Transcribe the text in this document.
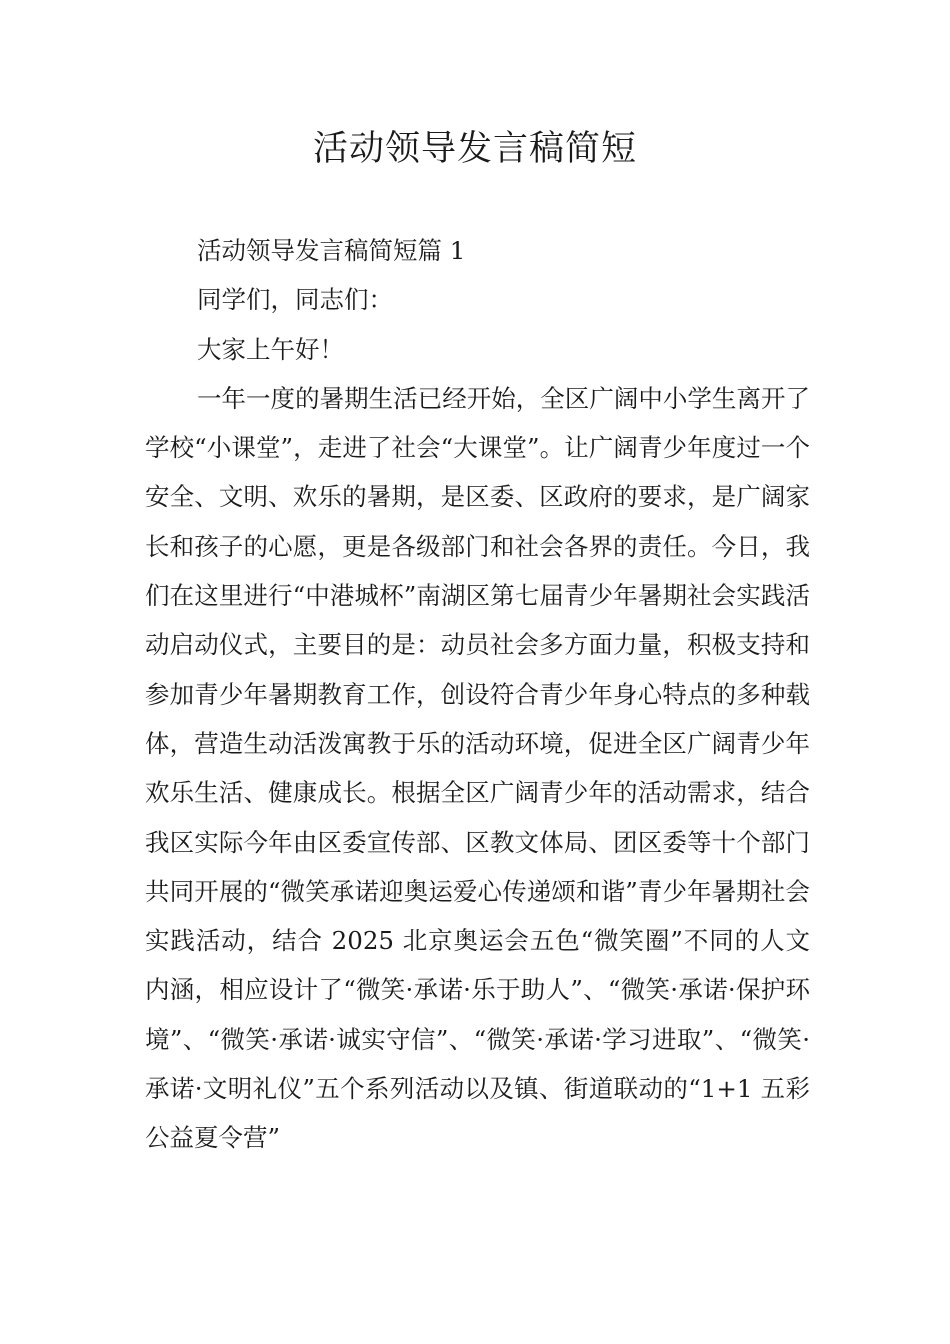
活动领导发言稿简短

活动领导发言稿简短篇 1

同学们，同志们：

大家上午好！

一年一度的暑期生活已经开始，全区广阔中小学生离开了学校“小课堂”，走进了社会“大课堂”。让广阔青少年度过一个安全、文明、欢乐的暑期，是区委、区政府的要求，是广阔家长和孩子的心愿，更是各级部门和社会各界的责任。今日，我们在这里进行“中港城杯”南湖区第七届青少年暑期社会实践活动启动仪式，主要目的是：动员社会多方面力量，积极支持和参加青少年暑期教育工作，创设符合青少年身心特点的多种载体，营造生动活泼寓教于乐的活动环境，促进全区广阔青少年欢乐生活、健康成长。根据全区广阔青少年的活动需求，结合我区实际今年由区委宣传部、区教文体局、团区委等十个部门共同开展的“微笑承诺迎奥运爱心传递颂和谐”青少年暑期社会实践活动，结合 2025 北京奥运会五色“微笑圈”不同的人文内涵，相应设计了“微笑·承诺·乐于助人”、“微笑·承诺·保护环境”、“微笑·承诺·诚实守信”、“微笑·承诺·学习进取”、“微笑·承诺·文明礼仪”五个系列活动以及镇、街道联动的“1+1 五彩公益夏令营”
